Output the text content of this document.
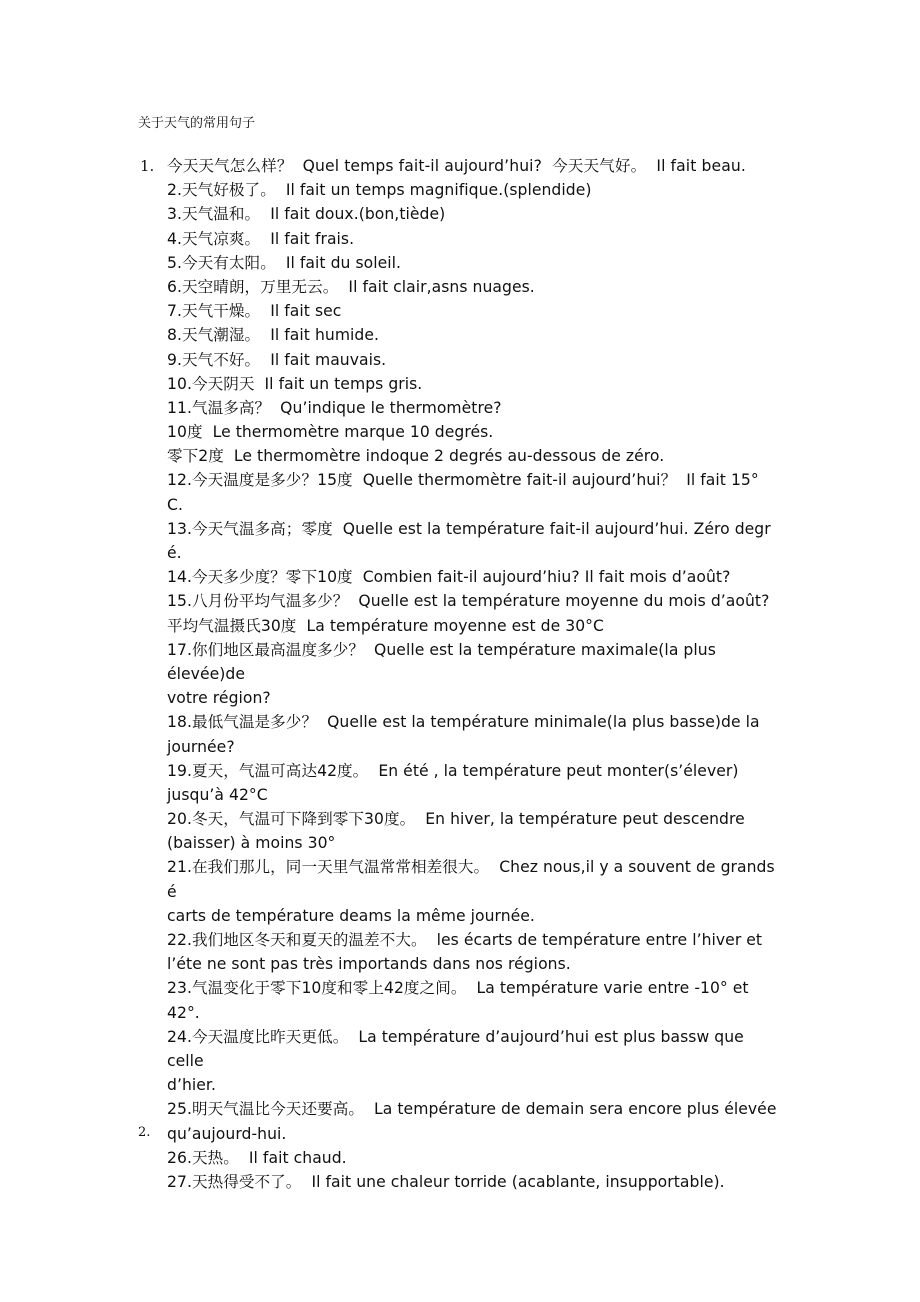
关于天气的常用句子
1.
2.
今天天气怎么样？  Quel temps fait-il aujourd’hui?  今天天气好。  Il fait beau.
2.天气好极了。  Il fait un temps magnifique.(splendide)
3.天气温和。  Il fait doux.(bon,tiède)
4.天气凉爽。  Il fait frais.
5.今天有太阳。  Il fait du soleil.
6.天空晴朗，万里无云。  Il fait clair,asns nuages.
7.天气干燥。  Il fait sec
8.天气潮湿。  Il fait humide.
9.天气不好。  Il fait mauvais.
10.今天阴天  Il fait un temps gris.
11.气温多高？  Qu’indique le thermomètre?
10度  Le thermomètre marque 10 degrés.
零下2度  Le thermomètre indoque 2 degrés au-dessous de zéro.
12.今天温度是多少？15度  Quelle thermomètre fait-il aujourd’hui？  Il fait 15°
C.
13.今天气温多高；零度  Quelle est la température fait-il aujourd’hui. Zéro degr
é.
14.今天多少度？零下10度  Combien fait-il aujourd’hiu? Il fait mois d’août?
15.八月份平均气温多少？  Quelle est la température moyenne du mois d’août?
平均气温摄氏30度  La température moyenne est de 30°C
17.你们地区最高温度多少？  Quelle est la température maximale(la plus
élevée)de
votre région?
18.最低气温是多少？  Quelle est la température minimale(la plus basse)de la
journée?
19.夏天，气温可高达42度。  En été , la température peut monter(s’élever)
jusqu’à 42°C
20.冬天，气温可下降到零下30度。  En hiver, la température peut descendre
(baisser) à moins 30°
21.在我们那儿，同一天里气温常常相差很大。  Chez nous,il y a souvent de grands
é
carts de température deams la même journée.
22.我们地区冬天和夏天的温差不大。  les écarts de température entre l’hiver et
l’éte ne sont pas très importands dans nos régions.
23.气温变化于零下10度和零上42度之间。  La température varie entre -10° et
42°.
24.今天温度比昨天更低。  La température d’aujourd’hui est plus bassw que
celle
d’hier.
25.明天气温比今天还要高。  La température de demain sera encore plus élevée
qu’aujourd-hui.
26.天热。  Il fait chaud.
27.天热得受不了。  Il fait une chaleur torride (acablante, insupportable).
